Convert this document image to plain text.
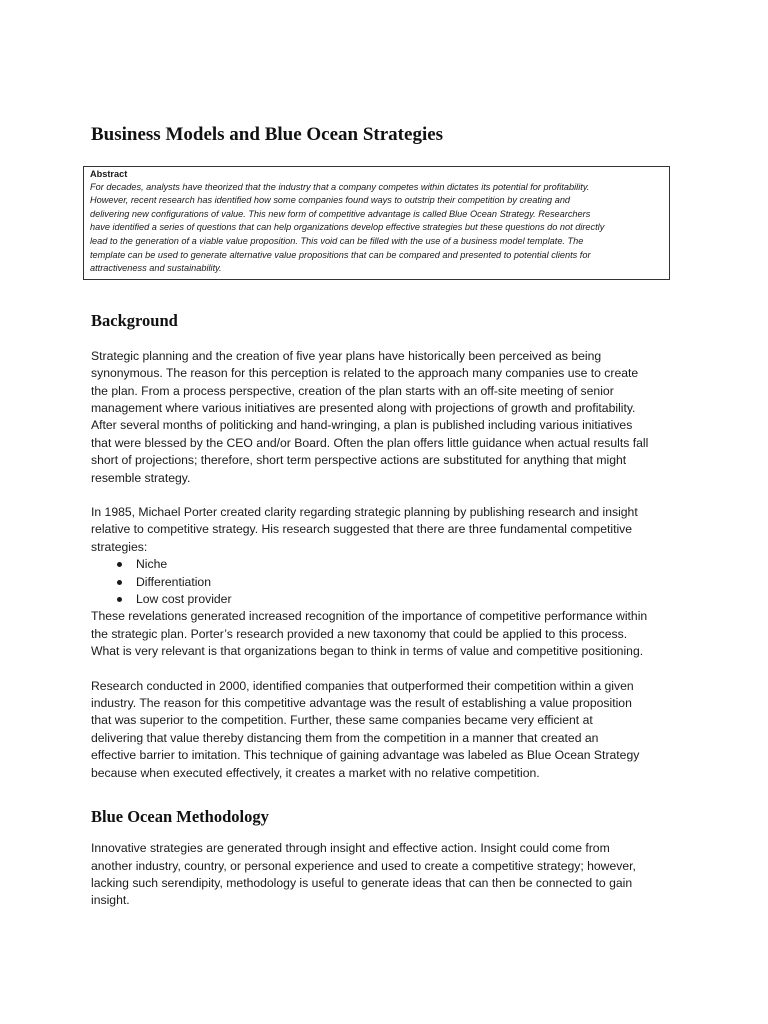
Business Models and Blue Ocean Strategies
Abstract
For decades, analysts have theorized that the industry that a company competes within dictates its potential for profitability.
However, recent research has identified how some companies found ways to outstrip their competition by creating and
delivering new configurations of value. This new form of competitive advantage is called Blue Ocean Strategy. Researchers
have identified a series of questions that can help organizations develop effective strategies but these questions do not directly
lead to the generation of a viable value proposition. This void can be filled with the use of a business model template. The
template can be used to generate alternative value propositions that can be compared and presented to potential clients for
attractiveness and sustainability.
Background
Strategic planning and the creation of five year plans have historically been perceived as being
synonymous. The reason for this perception is related to the approach many companies use to create
the plan. From a process perspective, creation of the plan starts with an off-site meeting of senior
management where various initiatives are presented along with projections of growth and profitability.
After several months of politicking and hand-wringing, a plan is published including various initiatives
that were blessed by the CEO and/or Board. Often the plan offers little guidance when actual results fall
short of projections; therefore, short term perspective actions are substituted for anything that might
resemble strategy.
In 1985, Michael Porter created clarity regarding strategic planning by publishing research and insight
relative to competitive strategy. His research suggested that there are three fundamental competitive
strategies:
Niche
Differentiation
Low cost provider
These revelations generated increased recognition of the importance of competitive performance within
the strategic plan. Porter’s research provided a new taxonomy that could be applied to this process.
What is very relevant is that organizations began to think in terms of value and competitive positioning.
Research conducted in 2000, identified companies that outperformed their competition within a given
industry. The reason for this competitive advantage was the result of establishing a value proposition
that was superior to the competition. Further, these same companies became very efficient at
delivering that value thereby distancing them from the competition in a manner that created an
effective barrier to imitation. This technique of gaining advantage was labeled as Blue Ocean Strategy
because when executed effectively, it creates a market with no relative competition.
Blue Ocean Methodology
Innovative strategies are generated through insight and effective action. Insight could come from
another industry, country, or personal experience and used to create a competitive strategy; however,
lacking such serendipity, methodology is useful to generate ideas that can then be connected to gain
insight.
